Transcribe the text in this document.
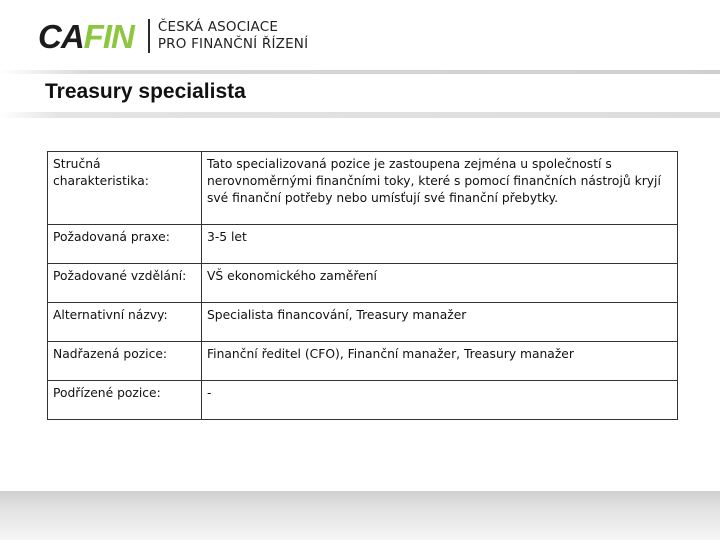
CA FIN ČESKÁ ASOCIACE
PRO FINANČNÍ ŘÍZENÍ
Treasury specialista
Stručná charakteristika:	Tato specializovaná pozice je zastoupena zejména u společností s nerovnoměrnými finančními toky, které s pomocí finančních nástrojů kryjí své finanční potřeby nebo umísťují své finanční přebytky.
Požadovaná praxe:	3-5 let
Požadované vzdělání:	VŠ ekonomického zaměření
Alternativní názvy:	Specialista financování, Treasury manažer
Nadřazená pozice:	Finanční ředitel (CFO), Finanční manažer, Treasury manažer
Podřízené pozice:	-
